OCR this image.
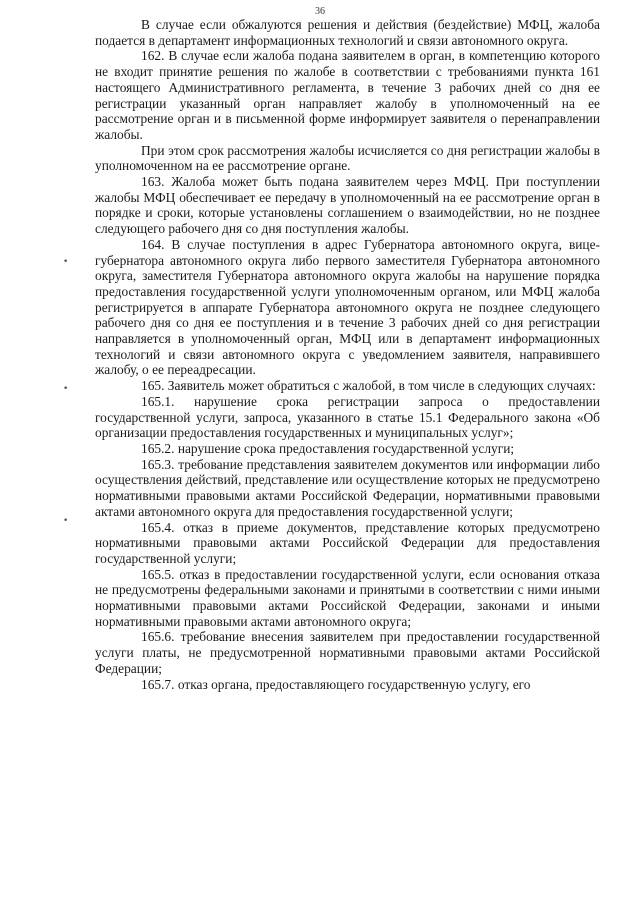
36
•
•
•

В случае если обжалуются решения и действия (бездействие) МФЦ, жалоба подается в департамент информационных технологий и связи автономного округа.

162. В случае если жалоба подана заявителем в орган, в компетенцию которого не входит принятие решения по жалобе в соответствии с требованиями пункта 161 настоящего Административного регламента, в течение 3 рабочих дней со дня ее регистрации указанный орган направляет жалобу в уполномоченный на ее рассмотрение орган и в письменной форме информирует заявителя о перенаправлении жалобы.

При этом срок рассмотрения жалобы исчисляется со дня регистрации жалобы в уполномоченном на ее рассмотрение органе.

163. Жалоба может быть подана заявителем через МФЦ. При поступлении жалобы МФЦ обеспечивает ее передачу в уполномоченный на ее рассмотрение орган в порядке и сроки, которые установлены соглашением о взаимодействии, но не позднее следующего рабочего дня со дня поступления жалобы.

164. В случае поступления в адрес Губернатора автономного округа, вице-губернатора автономного округа либо первого заместителя Губернатора автономного округа, заместителя Губернатора автономного округа жалобы на нарушение порядка предоставления государственной услуги уполномоченным органом, или МФЦ жалоба регистрируется в аппарате Губернатора автономного округа не позднее следующего рабочего дня со дня ее поступления и в течение 3 рабочих дней со дня регистрации направляется в уполномоченный орган, МФЦ или в департамент информационных технологий и связи автономного округа с уведомлением заявителя, направившего жалобу, о ее переадресации.

165. Заявитель может обратиться с жалобой, в том числе в следующих случаях:

165.1. нарушение срока регистрации запроса о предоставлении государственной услуги, запроса, указанного в статье 15.1 Федерального закона «Об организации предоставления государственных и муниципальных услуг»;

165.2. нарушение срока предоставления государственной услуги;

165.3. требование представления заявителем документов или информации либо осуществления действий, представление или осуществление которых не предусмотрено нормативными правовыми актами Российской Федерации, нормативными правовыми актами автономного округа для предоставления государственной услуги;

165.4. отказ в приеме документов, представление которых предусмотрено нормативными правовыми актами Российской Федерации для предоставления государственной услуги;

165.5. отказ в предоставлении государственной услуги, если основания отказа не предусмотрены федеральными законами и принятыми в соответствии с ними иными нормативными правовыми актами Российской Федерации, законами и иными нормативными правовыми актами автономного округа;

165.6. требование внесения заявителем при предоставлении государственной услуги платы, не предусмотренной нормативными правовыми актами Российской Федерации;

165.7. отказ органа, предоставляющего государственную услугу, его
